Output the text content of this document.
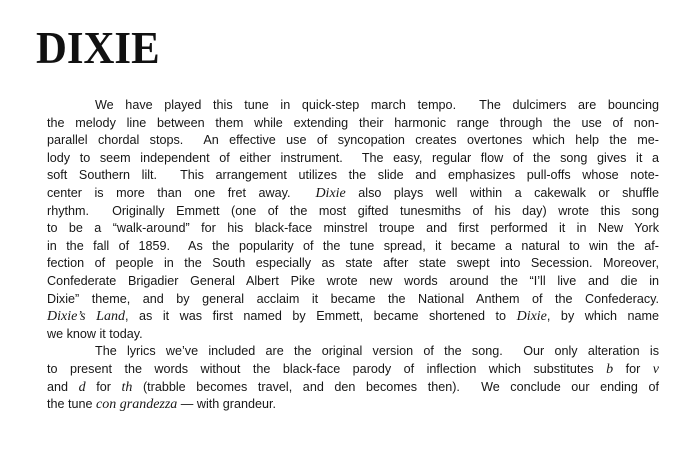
DIXIE
We have played this tune in quick-step march tempo.  The dulcimers are bouncing
the melody line between them while extending their harmonic range through the use of non-
parallel chordal stops.  An effective use of syncopation creates overtones which help the me-
lody to seem independent of either instrument.  The easy, regular flow of the song gives it a
soft Southern lilt.  This arrangement utilizes the slide and emphasizes pull-offs whose note-
center is more than one fret away.  Dixie also plays well within a cakewalk or shuffle
rhythm.  Originally Emmett (one of the most gifted tunesmiths of his day) wrote this song
to be a “walk-around” for his black-face minstrel troupe and first performed it in New York
in the fall of 1859.  As the popularity of the tune spread, it became a natural to win the af-
fection of people in the South especially as state after state swept into Secession. Moreover,
Confederate Brigadier General Albert Pike wrote new words around the “I’ll live and die in
Dixie” theme, and by general acclaim it became the National Anthem of the Confederacy.
Dixie’s Land, as it was first named by Emmett, became shortened to Dixie, by which name
we know it today.
The lyrics we’ve included are the original version of the song.  Our only alteration is
to present the words without the black-face parody of inflection which substitutes b for v
and d for th (trabble becomes travel, and den becomes then).  We conclude our ending of
the tune con grandezza — with grandeur.
